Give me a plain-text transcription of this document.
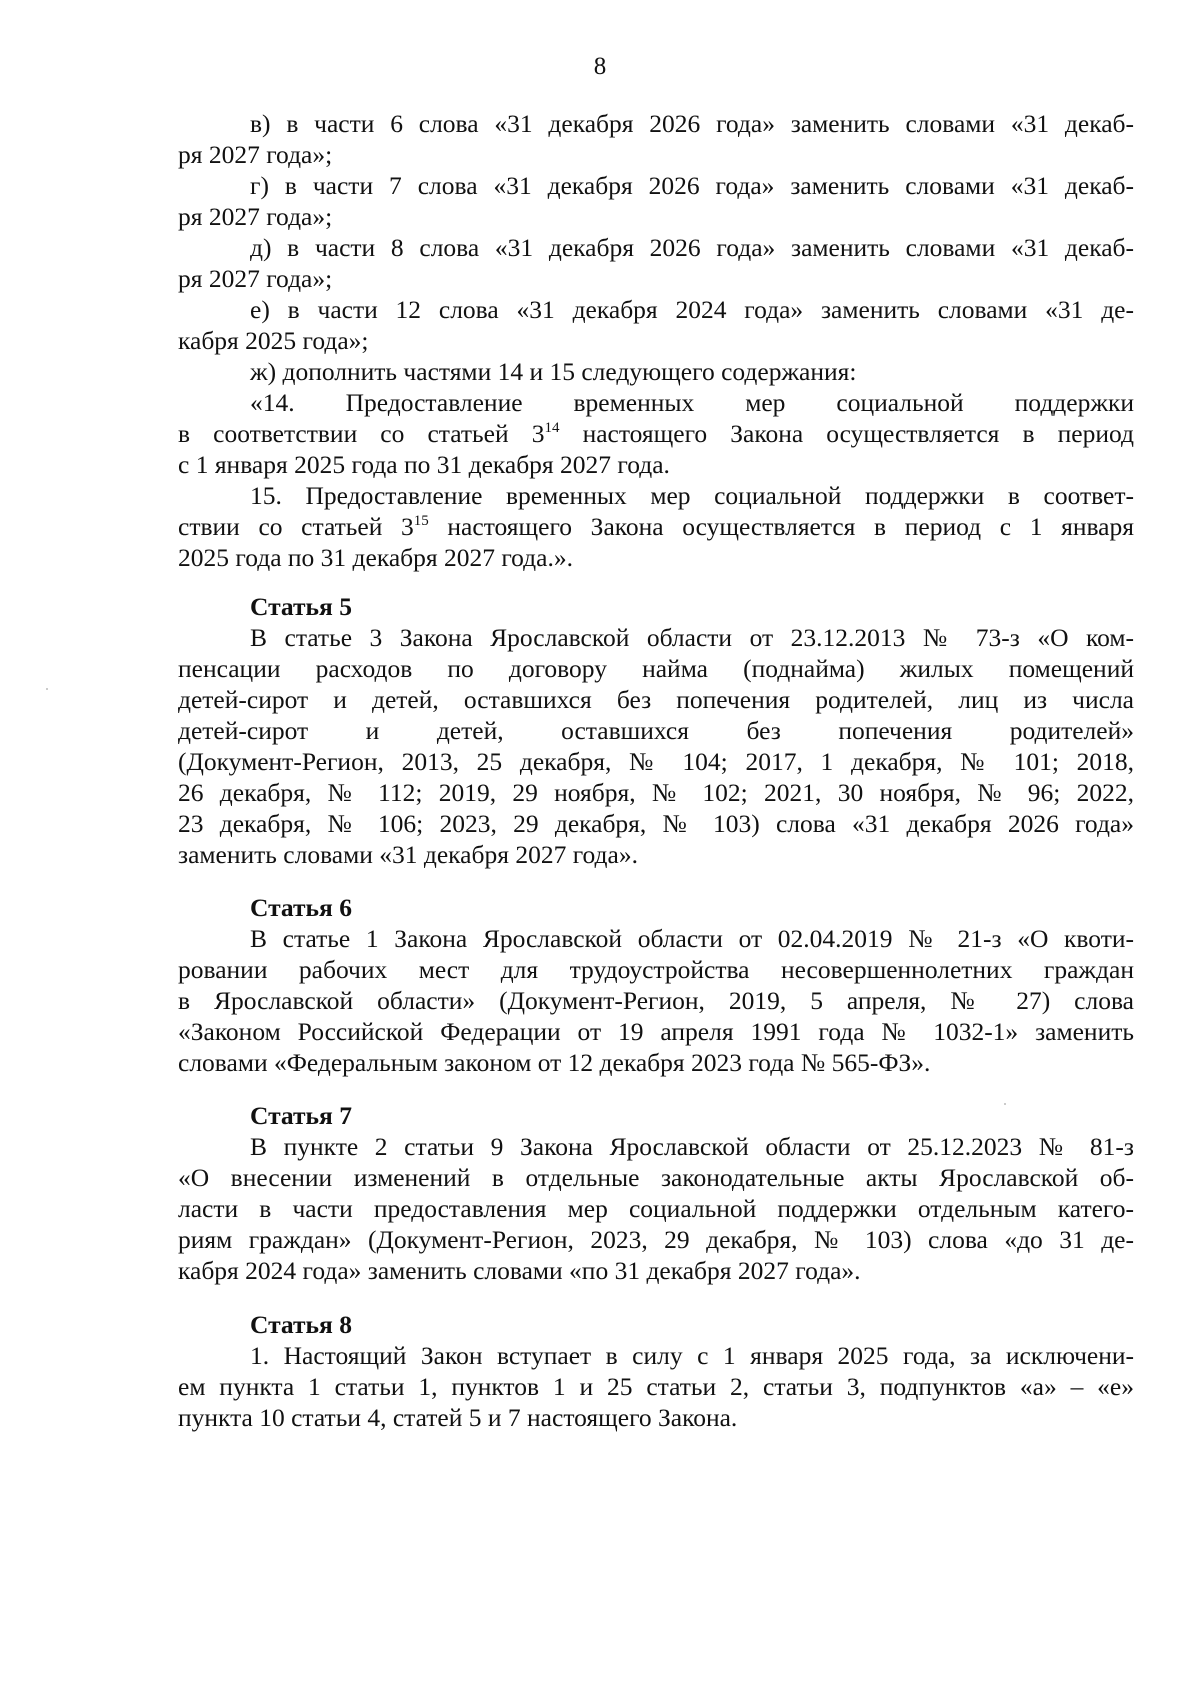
8

в) в части 6 слова «31 декабря 2026 года» заменить словами «31 декаб-

ря 2027 года»;

г) в части 7 слова «31 декабря 2026 года» заменить словами «31 декаб-

ря 2027 года»;

д) в части 8 слова «31 декабря 2026 года» заменить словами «31 декаб-

ря 2027 года»;

е) в части 12 слова «31 декабря 2024 года» заменить словами «31 де-

кабря 2025 года»;

ж) дополнить частями 14 и 15 следующего содержания:

«14. Предоставление временных мер социальной поддержки

в соответствии со статьей $3^{14}$ настоящего Закона осуществляется в период

с 1 января 2025 года по 31 декабря 2027 года.

15. Предоставление временных мер социальной поддержки в соответ-

ствии со статьей $3^{15}$ настоящего Закона осуществляется в период с 1 января

2025 года по 31 декабря 2027 года.».

Статья 5

В статье 3 Закона Ярославской области от 23.12.2013 № 73-з «О ком-

пенсации расходов по договору найма (поднайма) жилых помещений

детей-сирот и детей, оставшихся без попечения родителей, лиц из числа

детей-сирот и детей, оставшихся без попечения родителей»

(Документ-Регион, 2013, 25 декабря, № 104; 2017, 1 декабря, № 101; 2018,

26 декабря, № 112; 2019, 29 ноября, № 102; 2021, 30 ноября, № 96; 2022,

23 декабря, № 106; 2023, 29 декабря, № 103) слова «31 декабря 2026 года»

заменить словами «31 декабря 2027 года».

Статья 6

В статье 1 Закона Ярославской области от 02.04.2019 № 21-з «О квоти-

ровании рабочих мест для трудоустройства несовершеннолетних граждан

в Ярославской области» (Документ-Регион, 2019, 5 апреля, № 27) слова

«Законом Российской Федерации от 19 апреля 1991 года № 1032-1» заменить

словами «Федеральным законом от 12 декабря 2023 года № 565-ФЗ».

Статья 7

В пункте 2 статьи 9 Закона Ярославской области от 25.12.2023 № 81-з

«О внесении изменений в отдельные законодательные акты Ярославской об-

ласти в части предоставления мер социальной поддержки отдельным катего-

риям граждан» (Документ-Регион, 2023, 29 декабря, № 103) слова «до 31 де-

кабря 2024 года» заменить словами «по 31 декабря 2027 года».

Статья 8

1. Настоящий Закон вступает в силу с 1 января 2025 года, за исключени-

ем пункта 1 статьи 1, пунктов 1 и 25 статьи 2, статьи 3, подпунктов «а» – «е»

пункта 10 статьи 4, статей 5 и 7 настоящего Закона.
